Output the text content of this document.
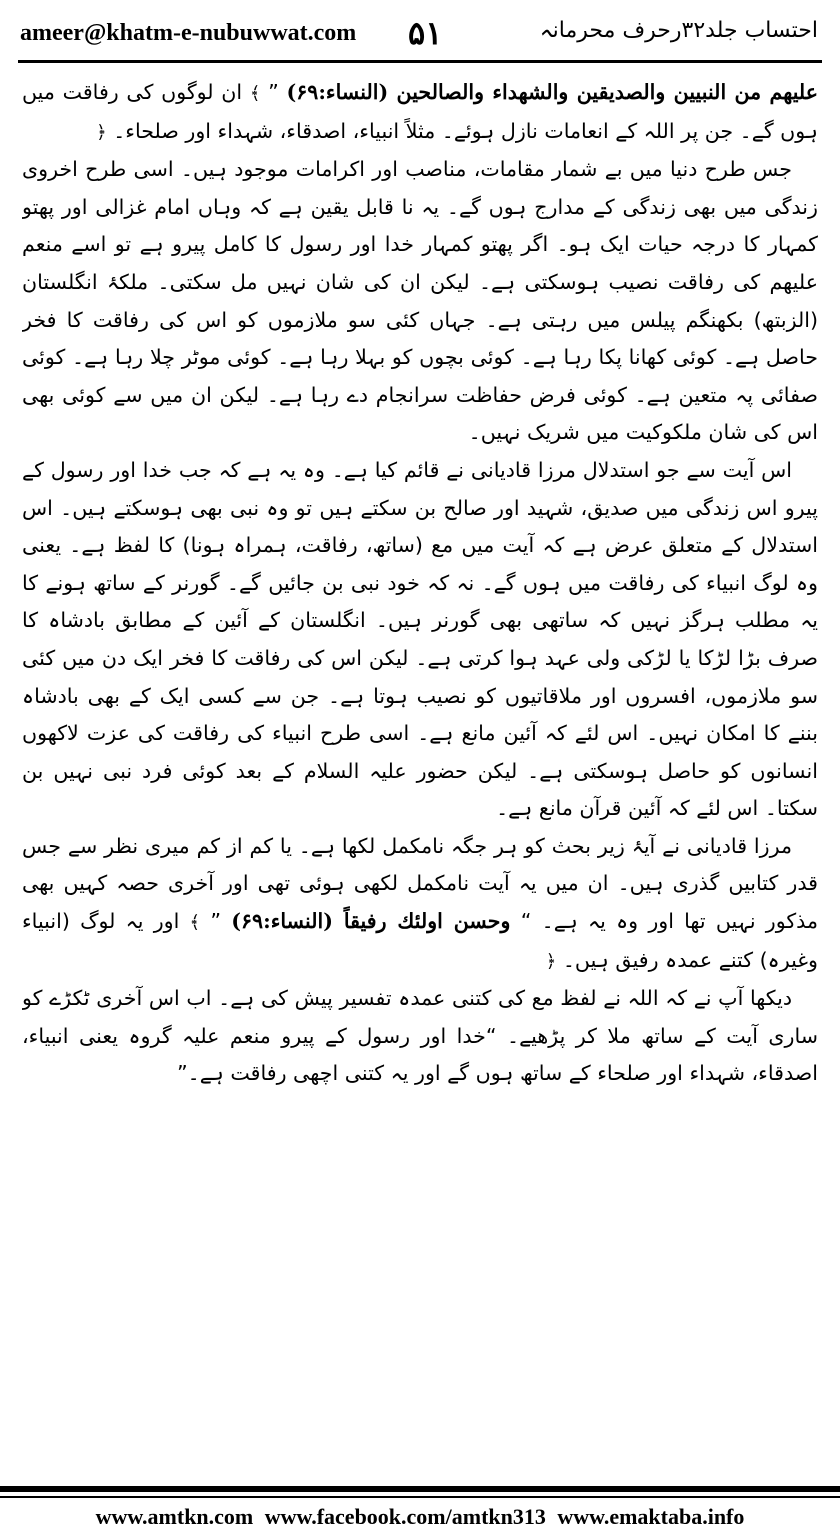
ameer@khatm-e-nubuwwat.com ۵۱	احتساب جلد۳۲رحرف محرمانہ

علیھم من النبیین والصدیقین والشھداء والصالحین (النساء:۶۹) ” ﴾ ان لوگوں کی رفاقت میں ہوں گے۔ جن پر اللہ کے انعامات نازل ہوئے۔ مثلاً انبیاء، اصدقاء، شہداء اور صلحاء۔ ﴿

جس طرح دنیا میں بے شمار مقامات، مناصب اور اکرامات موجود ہیں۔ اسی طرح اخروی زندگی میں بھی زندگی کے مدارج ہوں گے۔ یہ نا قابل یقین ہے کہ وہاں امام غزالی اور پھتو کمہار کا درجہ حیات ایک ہو۔ اگر پھتو کمہار خدا اور رسول کا کامل پیرو ہے تو اسے منعم علیھم کی رفاقت نصیب ہوسکتی ہے۔ لیکن ان کی شان نہیں مل سکتی۔ ملکۂ انگلستان (الزبتھ) بکھنگم پیلس میں رہتی ہے۔ جہاں کئی سو ملازموں کو اس کی رفاقت کا فخر حاصل ہے۔ کوئی کھانا پکا رہا ہے۔ کوئی بچوں کو بہلا رہا ہے۔ کوئی موٹر چلا رہا ہے۔ کوئی صفائی پہ متعین ہے۔ کوئی فرض حفاظت سرانجام دے رہا ہے۔ لیکن ان میں سے کوئی بھی اس کی شان ملکوکیت میں شریک نہیں۔

اس آیت سے جو استدلال مرزا قادیانی نے قائم کیا ہے۔ وہ یہ ہے کہ جب خدا اور رسول کے پیرو اس زندگی میں صدیق، شہید اور صالح بن سکتے ہیں تو وہ نبی بھی ہوسکتے ہیں۔ اس استدلال کے متعلق عرض ہے کہ آیت میں مع (ساتھ، رفاقت، ہمراہ ہونا) کا لفظ ہے۔ یعنی وہ لوگ انبیاء کی رفاقت میں ہوں گے۔ نہ کہ خود نبی بن جائیں گے۔ گورنر کے ساتھ ہونے کا یہ مطلب ہرگز نہیں کہ ساتھی بھی گورنر ہیں۔ انگلستان کے آئین کے مطابق بادشاہ کا صرف بڑا لڑکا یا لڑکی ولی عہد ہوا کرتی ہے۔ لیکن اس کی رفاقت کا فخر ایک دن میں کئی سو ملازموں، افسروں اور ملاقاتیوں کو نصیب ہوتا ہے۔ جن سے کسی ایک کے بھی بادشاہ بننے کا امکان نہیں۔ اس لئے کہ آئین مانع ہے۔ اسی طرح انبیاء کی رفاقت کی عزت لاکھوں انسانوں کو حاصل ہوسکتی ہے۔ لیکن حضور علیہ السلام کے بعد کوئی فرد نبی نہیں بن سکتا۔ اس لئے کہ آئین قرآن مانع ہے۔

مرزا قادیانی نے آیۂ زیر بحث کو ہر جگہ نامکمل لکھا ہے۔ یا کم از کم میری نظر سے جس قدر کتابیں گذری ہیں۔ ان میں یہ آیت نامکمل لکھی ہوئی تھی اور آخری حصہ کہیں بھی مذکور نہیں تھا اور وہ یہ ہے۔ “ وحسن اولئك رفیقاً (النساء:۶۹) ” ﴾ اور یہ لوگ (انبیاء وغیرہ) کتنے عمدہ رفیق ہیں۔ ﴿

دیکھا آپ نے کہ اللہ نے لفظ مع کی کتنی عمدہ تفسیر پیش کی ہے۔ اب اس آخری ٹکڑے کو ساری آیت کے ساتھ ملا کر پڑھیے۔ “خدا اور رسول کے پیرو منعم علیہ گروہ یعنی انبیاء، اصدقاء، شہداء اور صلحاء کے ساتھ ہوں گے اور یہ کتنی اچھی رفاقت ہے۔”

www.amtkn.com www.facebook.com/amtkn313 www.emaktaba.info
